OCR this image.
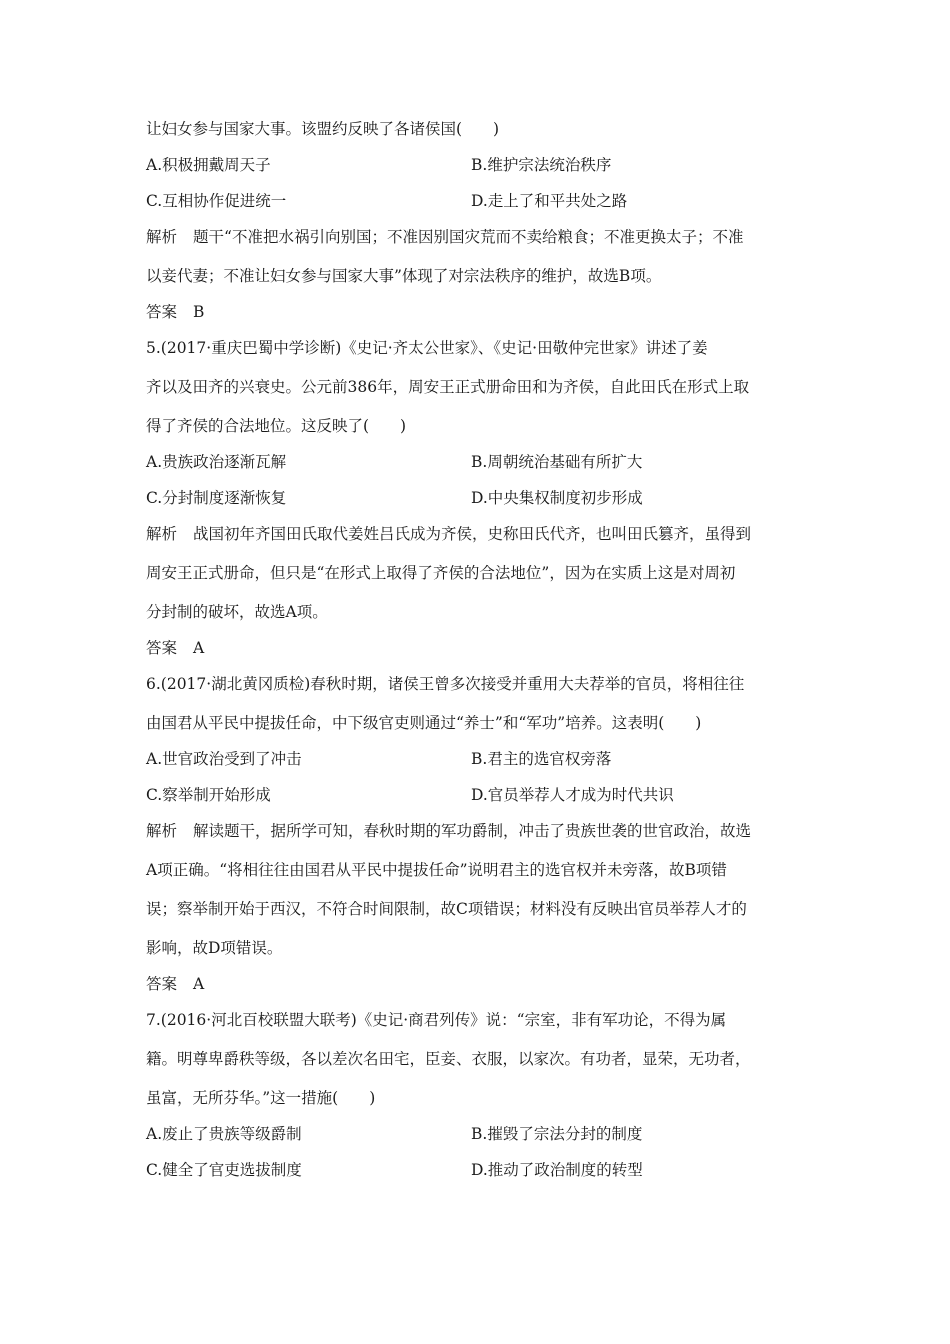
让妇女参与国家大事。该盟约反映了各诸侯国(　　)
A.积极拥戴周天子	B.维护宗法统治秩序
C.互相协作促进统一	D.走上了和平共处之路
解析 题干“不准把水祸引向别国；不准因别国灾荒而不卖给粮食；不准更换太子；不准
以妾代妻；不准让妇女参与国家大事”体现了对宗法秩序的维护，故选B项。
答案 B
5.(2017·重庆巴蜀中学诊断)《史记·齐太公世家》、《史记·田敬仲完世家》讲述了姜
齐以及田齐的兴衰史。公元前386年，周安王正式册命田和为齐侯，自此田氏在形式上取
得了齐侯的合法地位。这反映了(　　)
A.贵族政治逐渐瓦解	B.周朝统治基础有所扩大
C.分封制度逐渐恢复	D.中央集权制度初步形成
解析 战国初年齐国田氏取代姜姓吕氏成为齐侯，史称田氏代齐，也叫田氏篡齐，虽得到
周安王正式册命，但只是“在形式上取得了齐侯的合法地位”，因为在实质上这是对周初
分封制的破坏，故选A项。
答案 A
6.(2017·湖北黄冈质检)春秋时期，诸侯王曾多次接受并重用大夫荐举的官员，将相往往
由国君从平民中提拔任命，中下级官吏则通过“养士”和“军功”培养。这表明(　　)
A.世官政治受到了冲击	B.君主的选官权旁落
C.察举制开始形成	D.官员举荐人才成为时代共识
解析 解读题干，据所学可知，春秋时期的军功爵制，冲击了贵族世袭的世官政治，故选
A项正确。“将相往往由国君从平民中提拔任命”说明君主的选官权并未旁落，故B项错
误；察举制开始于西汉，不符合时间限制，故C项错误；材料没有反映出官员举荐人才的
影响，故D项错误。
答案 A
7.(2016·河北百校联盟大联考)《史记·商君列传》说：“宗室，非有军功论，不得为属
籍。明尊卑爵秩等级，各以差次名田宅，臣妾、衣服，以家次。有功者，显荣，无功者，
虽富，无所芬华。”这一措施(　　)
A.废止了贵族等级爵制	B.摧毁了宗法分封的制度
C.健全了官吏选拔制度	D.推动了政治制度的转型
